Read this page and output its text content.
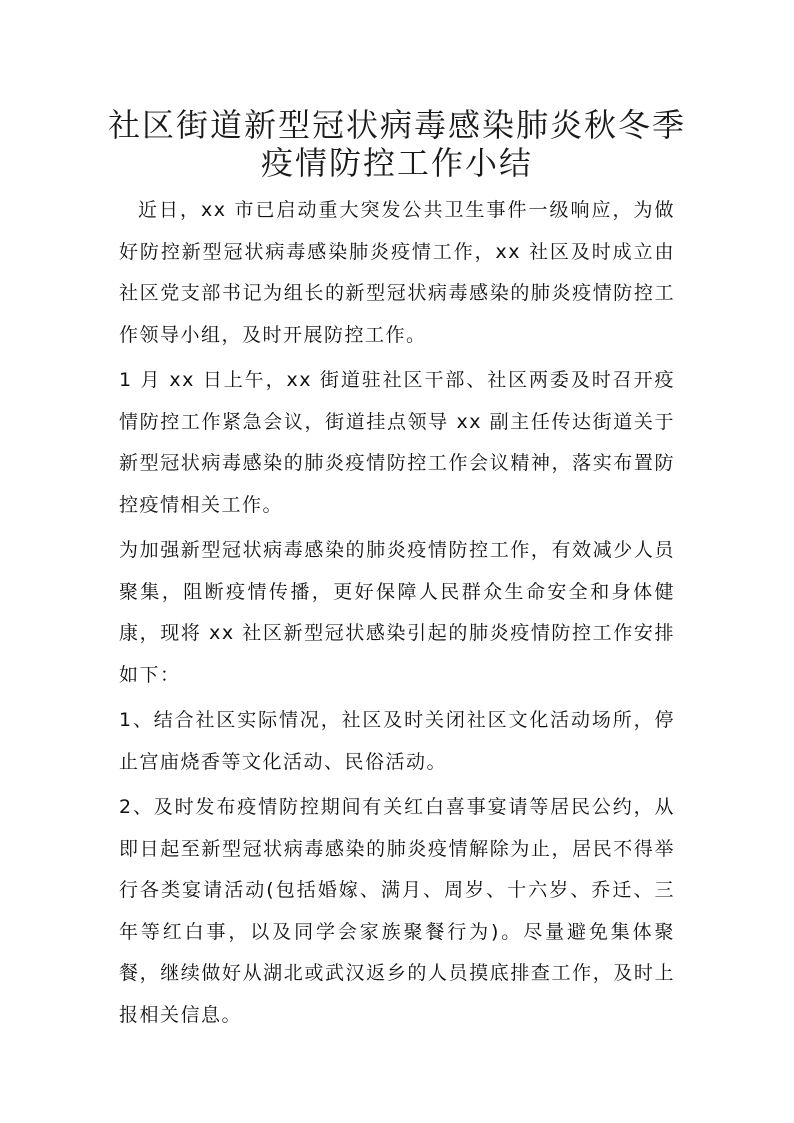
社区街道新型冠状病毒感染肺炎秋冬季
疫情防控工作小结

近日，xx 市已启动重大突发公共卫生事件一级响应，为做好防控新型冠状病毒感染肺炎疫情工作，xx 社区及时成立由社区党支部书记为组长的新型冠状病毒感染的肺炎疫情防控工作领导小组，及时开展防控工作。

1 月 xx 日上午，xx 街道驻社区干部、社区两委及时召开疫情防控工作紧急会议，街道挂点领导 xx 副主任传达街道关于新型冠状病毒感染的肺炎疫情防控工作会议精神，落实布置防控疫情相关工作。

为加强新型冠状病毒感染的肺炎疫情防控工作，有效减少人员聚集，阻断疫情传播，更好保障人民群众生命安全和身体健康，现将 xx 社区新型冠状感染引起的肺炎疫情防控工作安排如下：

1、结合社区实际情况，社区及时关闭社区文化活动场所，停止宫庙烧香等文化活动、民俗活动。

2、及时发布疫情防控期间有关红白喜事宴请等居民公约，从即日起至新型冠状病毒感染的肺炎疫情解除为止，居民不得举行各类宴请活动(包括婚嫁、满月、周岁、十六岁、乔迁、三年等红白事，以及同学会家族聚餐行为)。尽量避免集体聚餐，继续做好从湖北或武汉返乡的人员摸底排查工作，及时上报相关信息。
